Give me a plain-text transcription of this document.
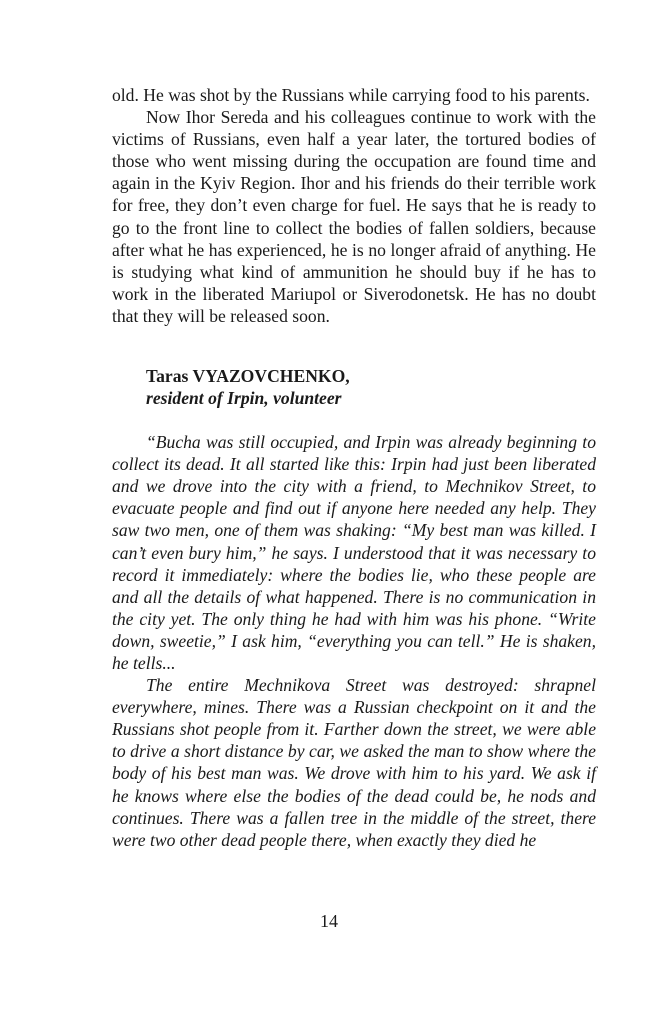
old. He was shot by the Russians while carrying food to his parents.

Now Ihor Sereda and his colleagues continue to work with the victims of Russians, even half a year later, the tortured bodies of those who went missing during the occupation are found time and again in the Kyiv Region. Ihor and his friends do their terrible work for free, they don’t even charge for fuel. He says that he is ready to go to the front line to collect the bodies of fallen soldiers, because after what he has experienced, he is no longer afraid of anything. He is studying what kind of ammunition he should buy if he has to work in the liberated Mariupol or Siverodonetsk. He has no doubt that they will be released soon.

Taras VYAZOVCHENKO,

resident of Irpin, volunteer

“Bucha was still occupied, and Irpin was already beginning to collect its dead. It all started like this: Irpin had just been liberated and we drove into the city with a friend, to Mechnikov Street, to evacuate people and find out if anyone here needed any help. They saw two men, one of them was shaking: “My best man was killed. I can’t even bury him,” he says. I understood that it was necessary to record it immediately: where the bodies lie, who these people are and all the details of what happened. There is no communication in the city yet. The only thing he had with him was his phone. “Write down, sweetie,” I ask him, “everything you can tell.” He is shaken, he tells...

The entire Mechnikova Street was destroyed: shrapnel everywhere, mines. There was a Russian checkpoint on it and the Russians shot people from it. Farther down the street, we were able to drive a short distance by car, we asked the man to show where the body of his best man was. We drove with him to his yard. We ask if he knows where else the bodies of the dead could be, he nods and continues. There was a fallen tree in the middle of the street, there were two other dead people there, when exactly they died he

14
